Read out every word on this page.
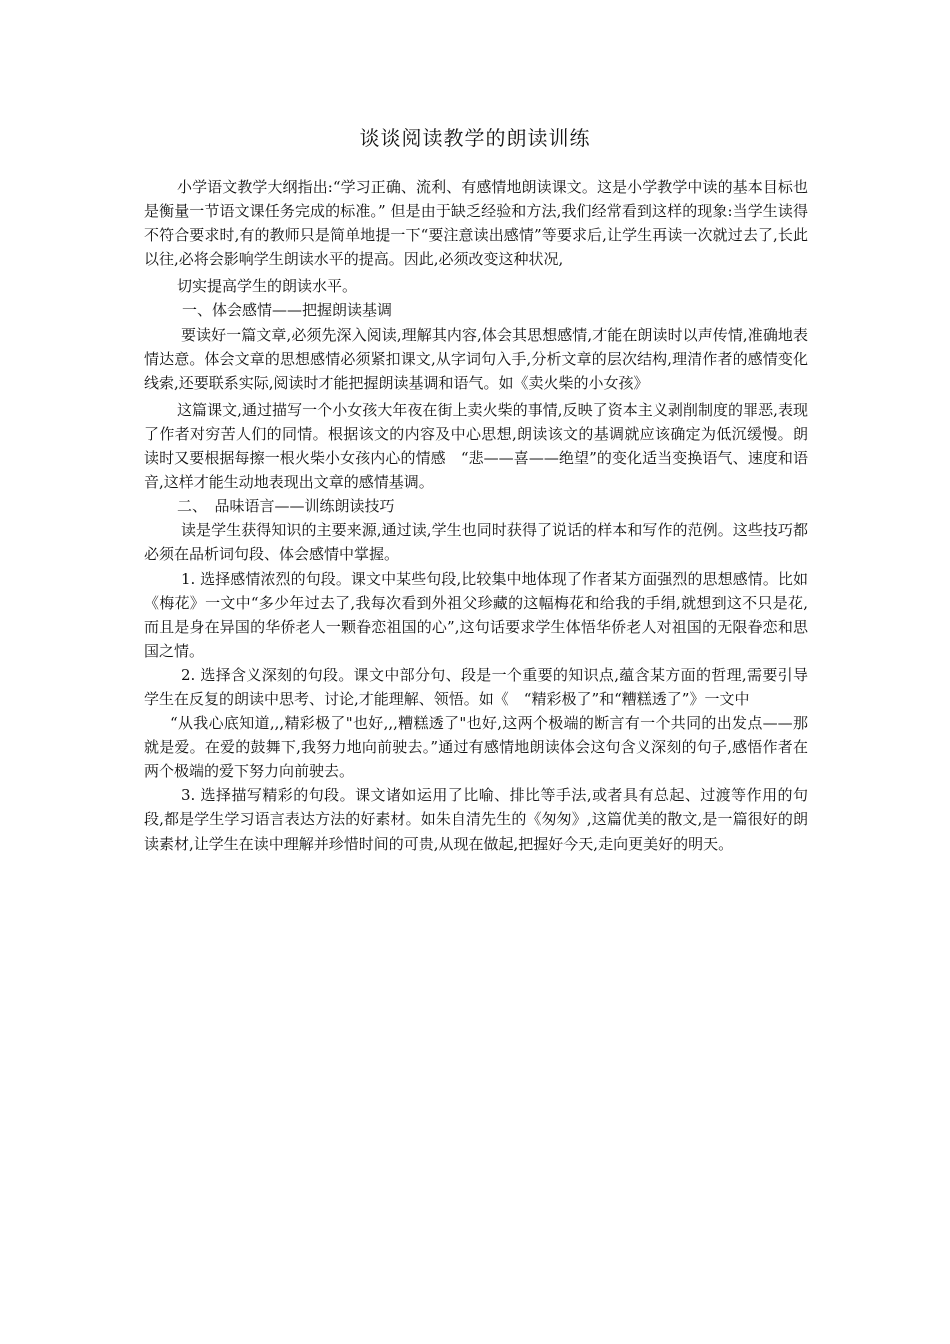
谈谈阅读教学的朗读训练

小学语文教学大纲指出:“学习正确、流利、有感情地朗读课文。这是小学教学中读的基本目标也是衡量一节语文课任务完成的标准。” 但是由于缺乏经验和方法,我们经常看到这样的现象:当学生读得不符合要求时,有的教师只是简单地提一下“要注意读出感情”等要求后,让学生再读一次就过去了,长此以往,必将会影响学生朗读水平的提高。因此,必须改变这种状况,

切实提高学生的朗读水平。

一、体会感情——把握朗读基调

要读好一篇文章,必须先深入阅读,理解其内容,体会其思想感情,才能在朗读时以声传情,准确地表情达意。体会文章的思想感情必须紧扣课文,从字词句入手,分析文章的层次结构,理清作者的感情变化线索,还要联系实际,阅读时才能把握朗读基调和语气。如《卖火柴的小女孩》

这篇课文,通过描写一个小女孩大年夜在街上卖火柴的事情,反映了资本主义剥削制度的罪恶,表现了作者对穷苦人们的同情。根据该文的内容及中心思想,朗读该文的基调就应该确定为低沉缓慢。朗读时又要根据每擦一根火柴小女孩内心的情感　“悲——喜——绝望”的变化适当变换语气、速度和语音,这样才能生动地表现出文章的感情基调。

二、　品味语言——训练朗读技巧

读是学生获得知识的主要来源,通过读,学生也同时获得了说话的样本和写作的范例。这些技巧都必须在品析词句段、体会感情中掌握。

1. 选择感情浓烈的句段。课文中某些句段,比较集中地体现了作者某方面强烈的思想感情。比如《梅花》一文中“多少年过去了,我每次看到外祖父珍藏的这幅梅花和给我的手绢,就想到这不只是花,而且是身在异国的华侨老人一颗眷恋祖国的心”,这句话要求学生体悟华侨老人对祖国的无限眷恋和思国之情。

2. 选择含义深刻的句段。课文中部分句、段是一个重要的知识点,蕴含某方面的哲理,需要引导学生在反复的朗读中思考、讨论,才能理解、领悟。如《　“精彩极了”和“糟糕透了”》一文中

“从我心底知道,,,精彩极了"也好,,,糟糕透了"也好,这两个极端的断言有一个共同的出发点——那就是爱。在爱的鼓舞下,我努力地向前驶去。”通过有感情地朗读体会这句含义深刻的句子,感悟作者在两个极端的爱下努力向前驶去。

3. 选择描写精彩的句段。课文诸如运用了比喻、排比等手法,或者具有总起、过渡等作用的句段,都是学生学习语言表达方法的好素材。如朱自清先生的《匆匆》,这篇优美的散文,是一篇很好的朗读素材,让学生在读中理解并珍惜时间的可贵,从现在做起,把握好今天,走向更美好的明天。
